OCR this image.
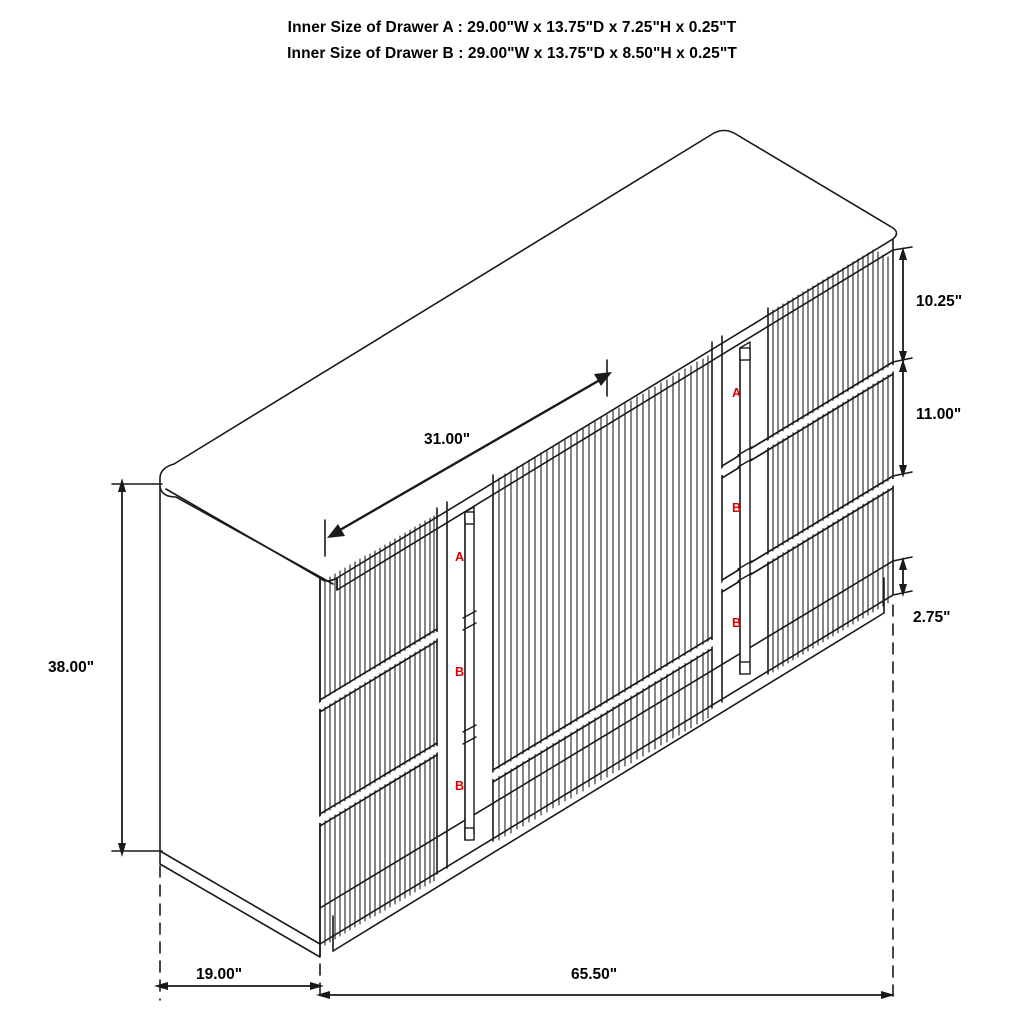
Inner Size of Drawer A : 29.00"W x 13.75"D x 7.25"H x 0.25"T
Inner Size of Drawer B : 29.00"W x 13.75"D x 8.50"H x 0.25"T
10.25"
11.00"
2.75"
31.00"
38.00"
19.00"	65.50"
A
B
B
A
B
B
